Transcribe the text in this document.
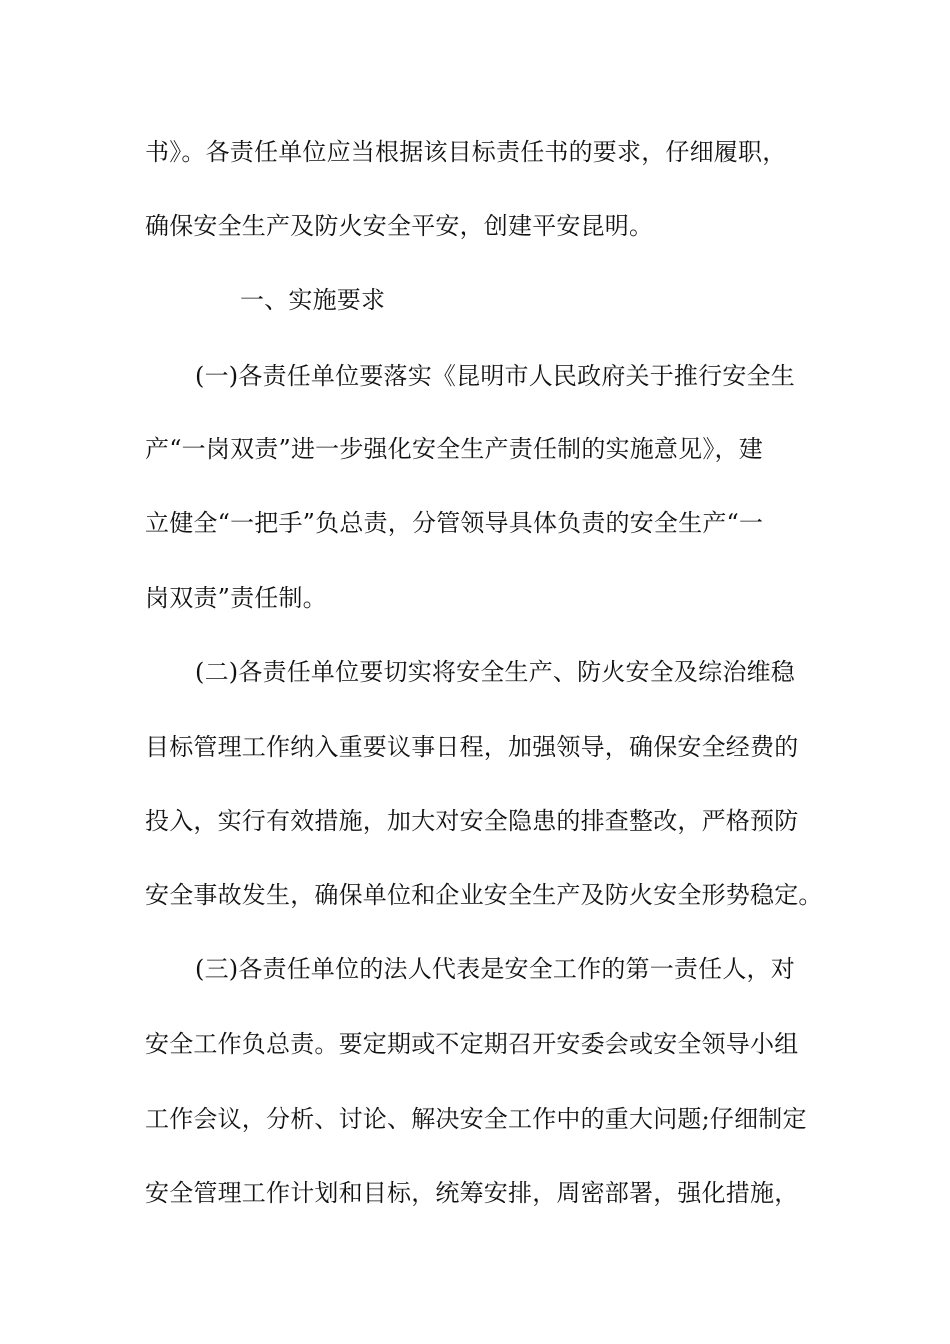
书》。各责任单位应当根据该目标责任书的要求，仔细履职，
确保安全生产及防火安全平安，创建平安昆明。
一、实施要求
(一)各责任单位要落实《昆明市人民政府关于推行安全生
产“一岗双责”进一步强化安全生产责任制的实施意见》，建
立健全“一把手”负总责，分管领导具体负责的安全生产“一
岗双责”责任制。
(二)各责任单位要切实将安全生产、防火安全及综治维稳
目标管理工作纳入重要议事日程，加强领导，确保安全经费的
投入，实行有效措施，加大对安全隐患的排查整改，严格预防
安全事故发生，确保单位和企业安全生产及防火安全形势稳定。
(三)各责任单位的法人代表是安全工作的第一责任人，对
安全工作负总责。要定期或不定期召开安委会或安全领导小组
工作会议，分析、讨论、解决安全工作中的重大问题;仔细制定
安全管理工作计划和目标，统筹安排，周密部署，强化措施，
